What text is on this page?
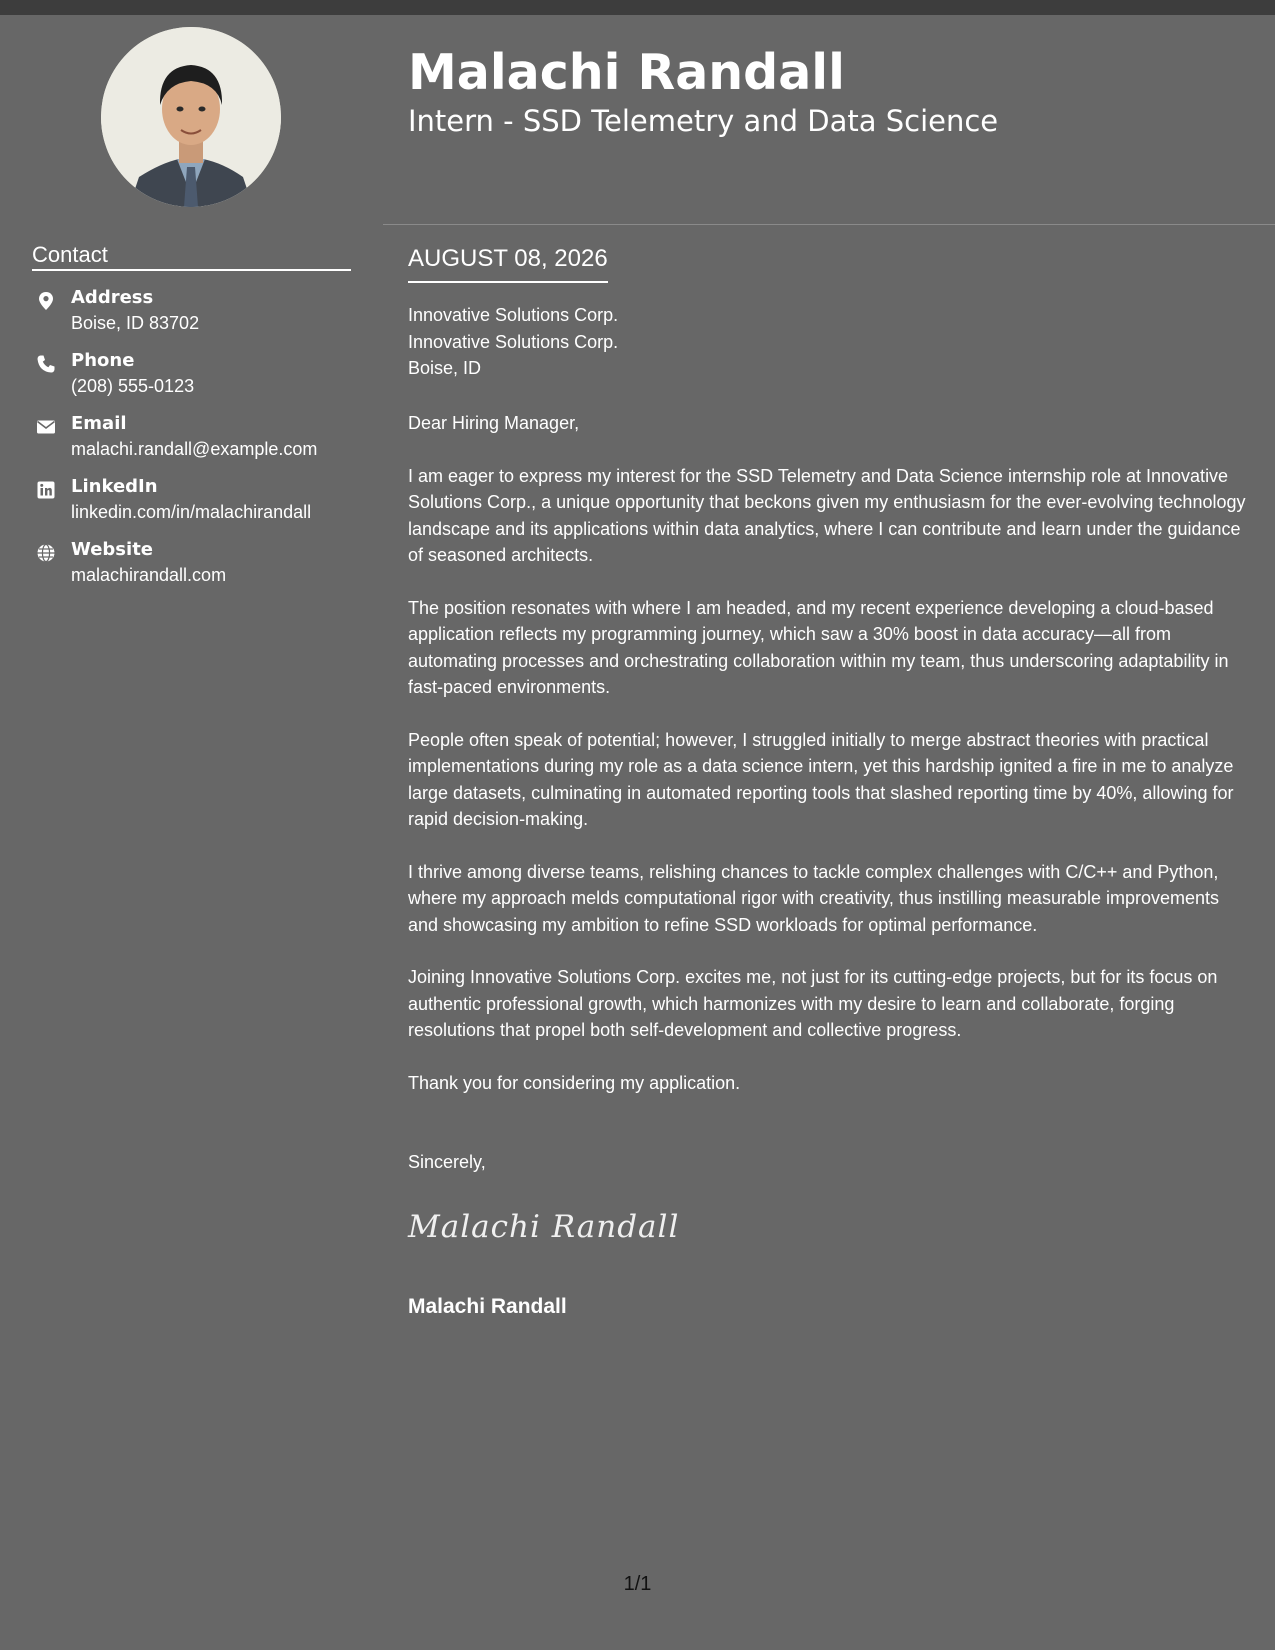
Malachi Randall
Intern - SSD Telemetry and Data Science
Contact
Address
Boise, ID 83702
Phone
(208) 555-0123
Email
malachi.randall@example.com
LinkedIn
linkedin.com/in/malachirandall
Website
malachirandall.com
AUGUST 08, 2026
Innovative Solutions Corp.
Innovative Solutions Corp.
Boise, ID

Dear Hiring Manager,

I am eager to express my interest for the SSD Telemetry and Data Science internship role at Innovative Solutions Corp., a unique opportunity that beckons given my enthusiasm for the ever-evolving technology landscape and its applications within data analytics, where I can contribute and learn under the guidance of seasoned architects.

The position resonates with where I am headed, and my recent experience developing a cloud-based application reflects my programming journey, which saw a 30% boost in data accuracy—all from automating processes and orchestrating collaboration within my team, thus underscoring adaptability in fast-paced environments.

People often speak of potential; however, I struggled initially to merge abstract theories with practical implementations during my role as a data science intern, yet this hardship ignited a fire in me to analyze large datasets, culminating in automated reporting tools that slashed reporting time by 40%, allowing for rapid decision-making.

I thrive among diverse teams, relishing chances to tackle complex challenges with C/C++ and Python, where my approach melds computational rigor with creativity, thus instilling measurable improvements and showcasing my ambition to refine SSD workloads for optimal performance.

Joining Innovative Solutions Corp. excites me, not just for its cutting-edge projects, but for its focus on authentic professional growth, which harmonizes with my desire to learn and collaborate, forging resolutions that propel both self-development and collective progress.

Thank you for considering my application.

Sincerely,
Malachi Randall
Malachi Randall
1/1
